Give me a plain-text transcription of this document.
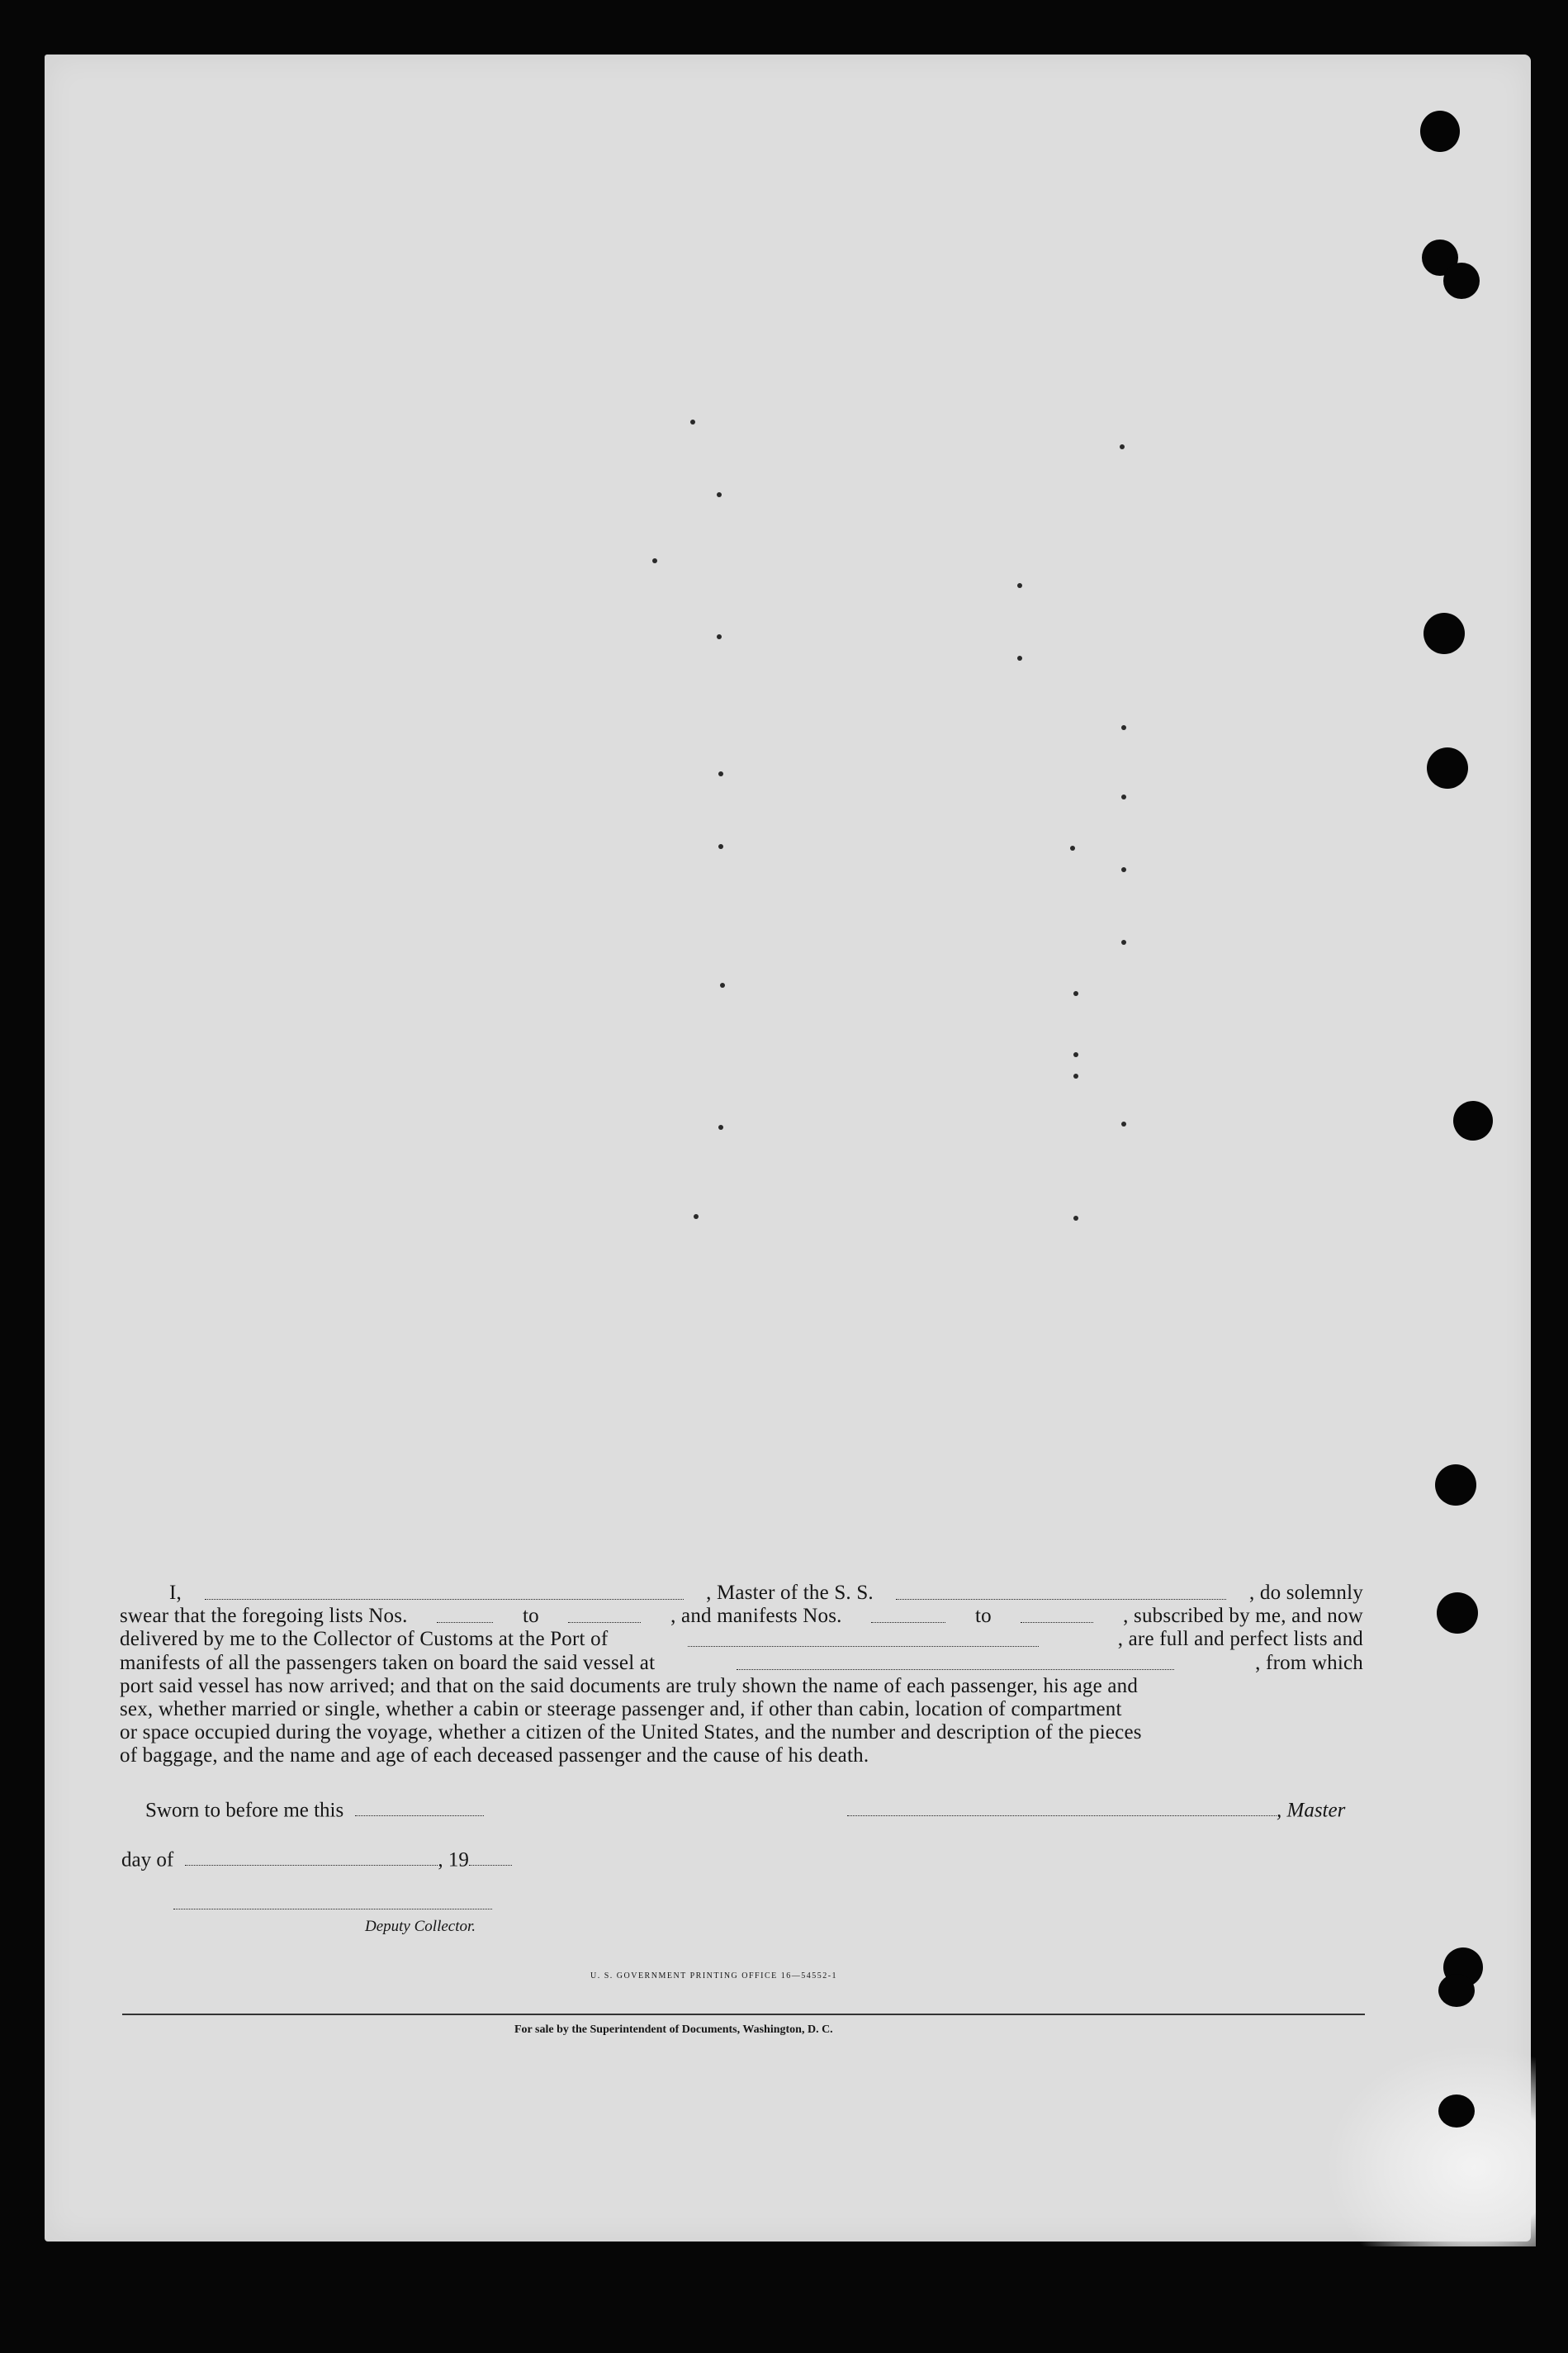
I,	, Master of the S. S.	, do solemnly
swear that the foregoing lists Nos.	to	, and manifests Nos.	to	, subscribed by me, and now
delivered by me to the Collector of Customs at the Port of	, are full and perfect lists and
manifests of all the passengers taken on board the said vessel at	, from which
port said vessel has now arrived; and that on the said documents are truly shown the name of each passenger, his age and
sex, whether married or single, whether a cabin or steerage passenger and, if other than cabin, location of compartment
or space occupied during the voyage, whether a citizen of the United States, and the number and description of the pieces
of baggage, and the name and age of each deceased passenger and the cause of his death.
Sworn to before me this	, Master
day of	, 19
Deputy Collector.
U. S. GOVERNMENT PRINTING OFFICE 16—54552-1
For sale by the Superintendent of Documents, Washington, D. C.
